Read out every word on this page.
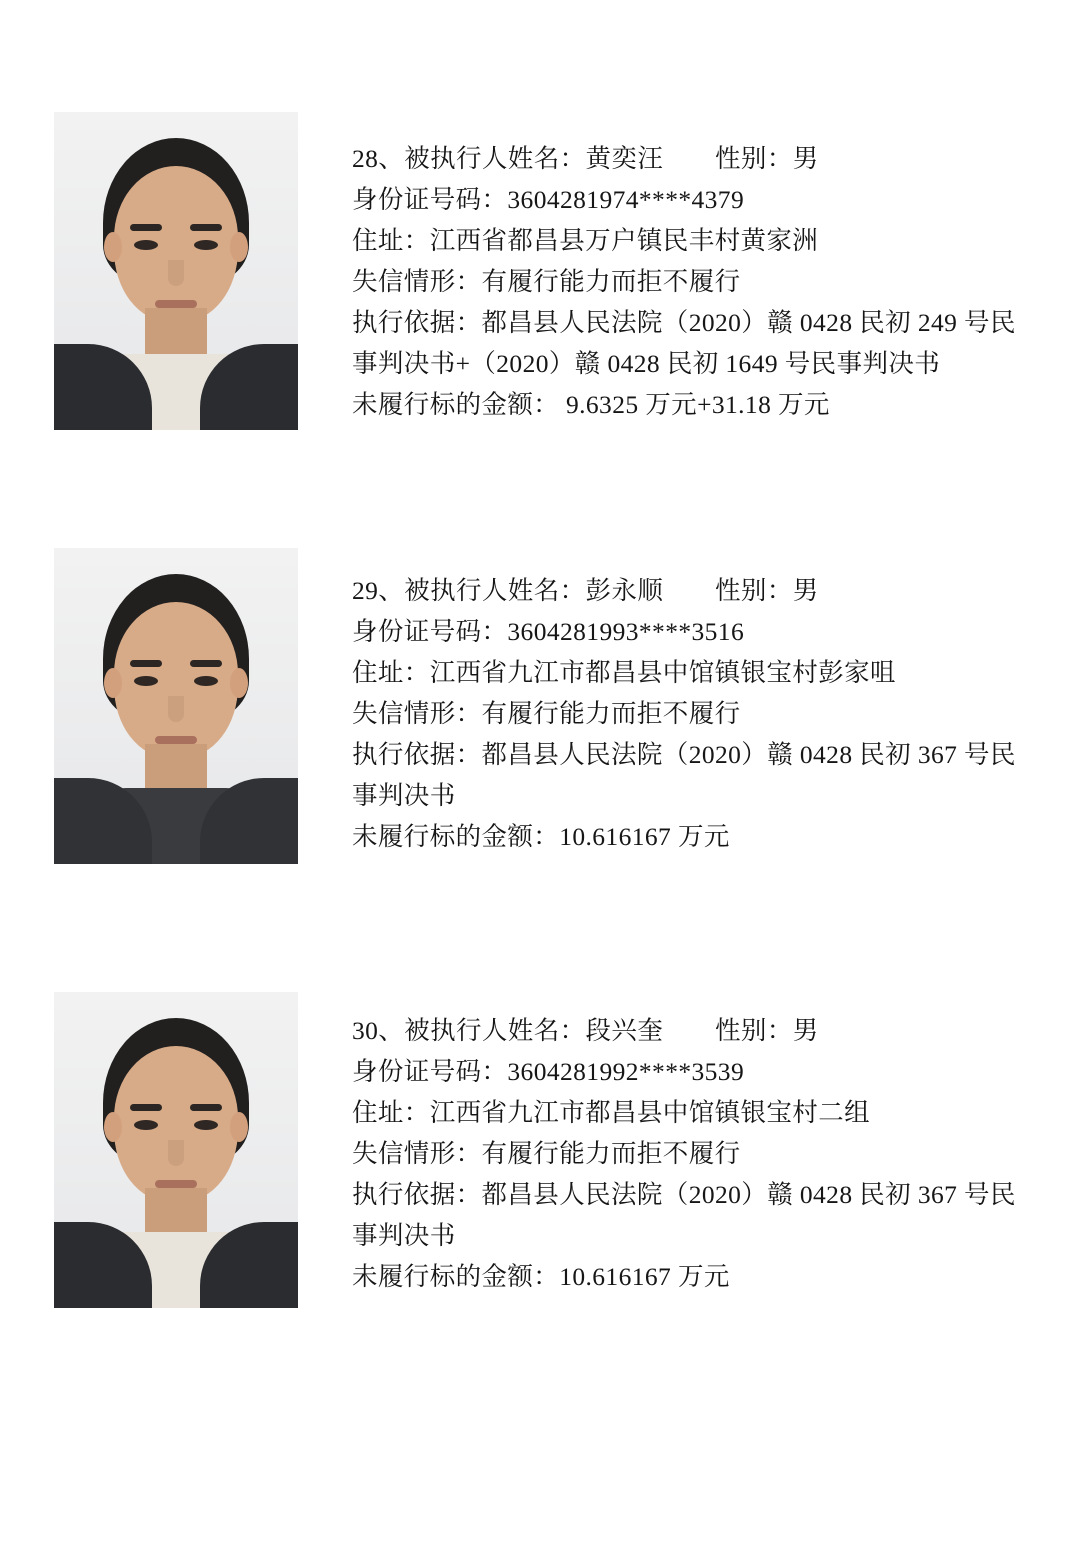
28、被执行人姓名：黄奕汪　　 性别：男
身份证号码：3604281974****4379
住址：江西省都昌县万户镇民丰村黄家洲
失信情形：有履行能力而拒不履行
执行依据：都昌县人民法院（2020）赣 0428 民初 249 号民事判决书+（2020）赣 0428 民初 1649 号民事判决书
未履行标的金额： 9.6325 万元+31.18 万元
29、被执行人姓名：彭永顺　　 性别：男
身份证号码：3604281993****3516
住址：江西省九江市都昌县中馆镇银宝村彭家咀
失信情形：有履行能力而拒不履行
执行依据：都昌县人民法院（2020）赣 0428 民初 367 号民事判决书
未履行标的金额：10.616167 万元
30、被执行人姓名：段兴奎　　 性别：男
身份证号码：3604281992****3539
住址：江西省九江市都昌县中馆镇银宝村二组
失信情形：有履行能力而拒不履行
执行依据：都昌县人民法院（2020）赣 0428 民初 367 号民事判决书
未履行标的金额：10.616167 万元
